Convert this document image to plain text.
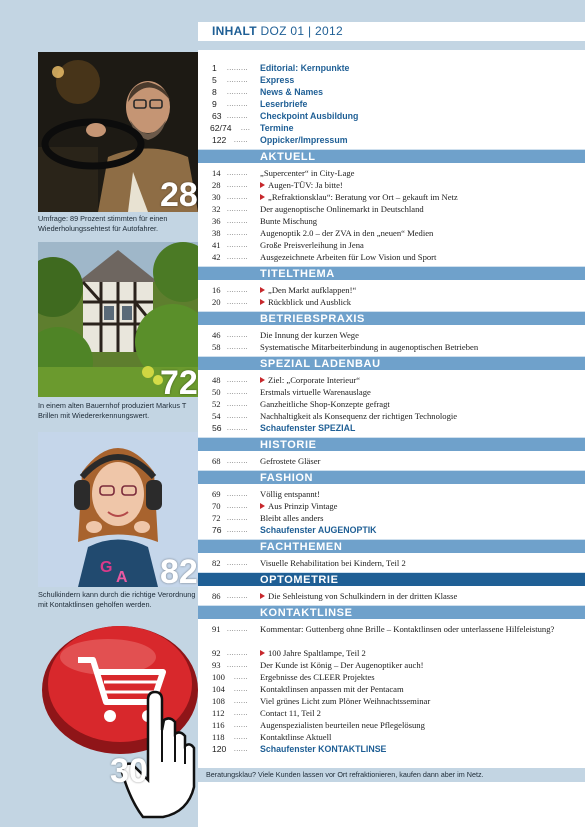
INHALT DOZ 01 | 2012
28
Umfrage: 89 Prozent stimmten für einen Wiederholungssehtest für Autofahrer.
72
In einem alten Bauernhof produziert Markus T Brillen mit Wiedererkennungswert.
G
A 82
Schulkindern kann durch die richtige Verordnung mit Kontaktlinsen geholfen werden.
30
1 ......... Editorial: Kernpunkte
5 ......... Express
8 ......... News & Names
9 ......... Leserbriefe
63 ......... Checkpoint Ausbildung
62/74 .... Termine
122 ...... Oppicker/Impressum
AKTUELL
14 ......... „Supercenter“ in City-Lage
28 .........	Augen-TÜV: Ja bitte!
30 .........	„Refraktionsklau“: Beratung vor Ort – gekauft im Netz
32 ......... Der augenoptische Onlinemarkt in Deutschland
36 ......... Bunte Mischung
38 ......... Augenoptik 2.0 – der ZVA in den „neuen“ Medien
41 ......... Große Preisverleihung in Jena
42 ......... Ausgezeichnete Arbeiten für Low Vision und Sport
TITELTHEMA
16 .........	„Den Markt aufklappen!“
20 .........	Rückblick und Ausblick
BETRIEBSPRAXIS
46 ......... Die Innung der kurzen Wege
58 ......... Systematische Mitarbeiterbindung in augenoptischen Betrieben
SPEZIAL LADENBAU
48 .........	Ziel: „Corporate Interieur“
50 ......... Erstmals virtuelle Warenauslage
52 ......... Ganzheitliche Shop-Konzepte gefragt
54 ......... Nachhaltigkeit als Konsequenz der richtigen Technologie
56 ......... Schaufenster SPEZIAL
HISTORIE
68 ......... Gefrostete Gläser
FASHION
69 ......... Völlig entspannt!
70 .........	Aus Prinzip Vintage
72 ......... Bleibt alles anders
76 ......... Schaufenster AUGENOPTIK
FACHTHEMEN
82 ......... Visuelle Rehabilitation bei Kindern, Teil 2
OPTOMETRIE
86 .........	Die Sehleistung von Schulkindern in der dritten Klasse
KONTAKTLINSE
91 ......... Kommentar: Guttenberg ohne Brille – Kontaktlinsen oder unterlassene Hilfeleistung?
92 .........	100 Jahre Spaltlampe, Teil 2
93 ......... Der Kunde ist König – Der Augenoptiker auch!
100 ...... Ergebnisse des CLEER Projektes
104 ...... Kontaktlinsen anpassen mit der Pentacam
108 ...... Viel grünes Licht zum Plöner Weihnachtsseminar
112 ...... Contact 11, Teil 2
116 ...... Augenspezialisten beurteilen neue Pflegelösung
118 ...... Kontaktlinse Aktuell
120 ...... Schaufenster KONTAKTLINSE
Beratungsklau? Viele Kunden lassen vor Ort refraktionieren, kaufen dann aber im Netz.
